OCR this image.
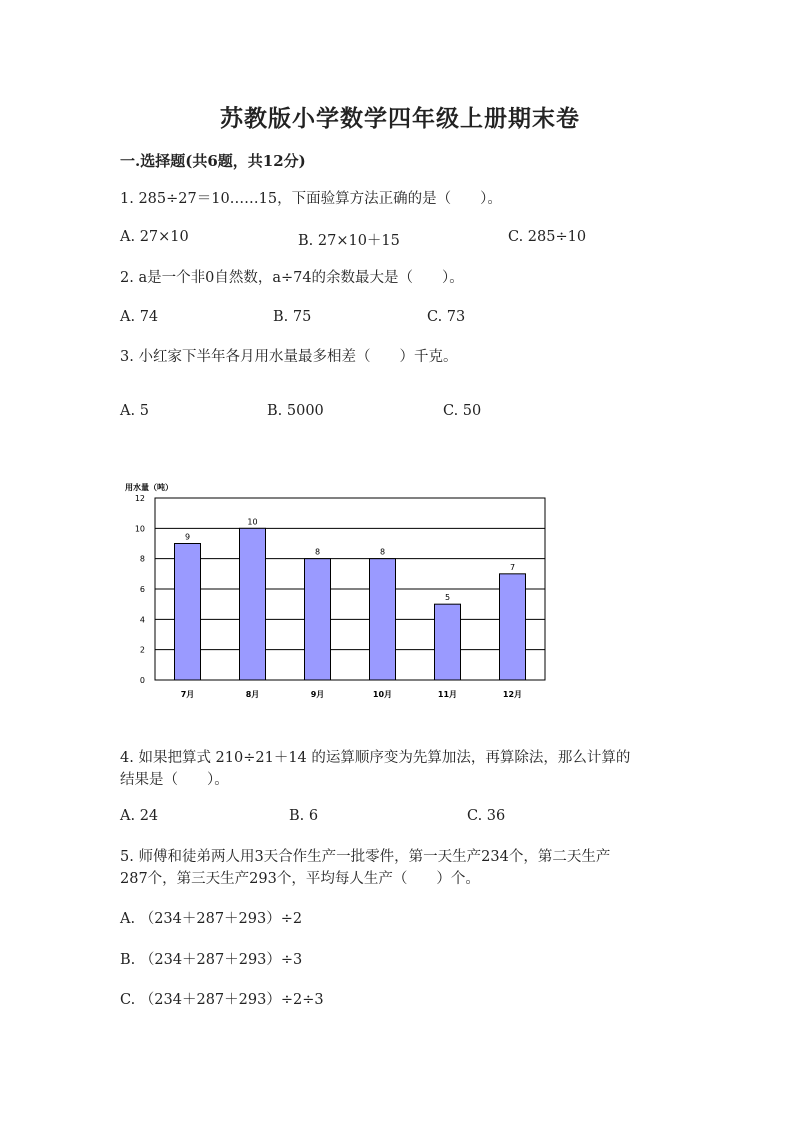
苏教版小学数学四年级上册期末卷
一.选择题(共6题，共12分)
1. 285÷27＝10……15，下面验算方法正确的是（　　）。
A. 27×10	B. 27×10＋15	C. 285÷10
2. a是一个非0自然数，a÷74的余数最大是（　　）。
A. 74	B. 75	C. 73
3. 小红家下半年各月用水量最多相差（　　）千克。
A. 5	B. 5000	C. 50
用水量（吨）
0
2
4
6
8
10
12
9
7月
10
8月
8
9月
8
10月
5
11月
7
12月
4. 如果把算式 210÷21＋14 的运算顺序变为先算加法，再算除法，那么计算的
结果是（　　）。
A. 24	B. 6	C. 36
5. 师傅和徒弟两人用3天合作生产一批零件，第一天生产234个，第二天生产
287个，第三天生产293个，平均每人生产（　　）个。
A. （234＋287＋293）÷2
B. （234＋287＋293）÷3
C. （234＋287＋293）÷2÷3
